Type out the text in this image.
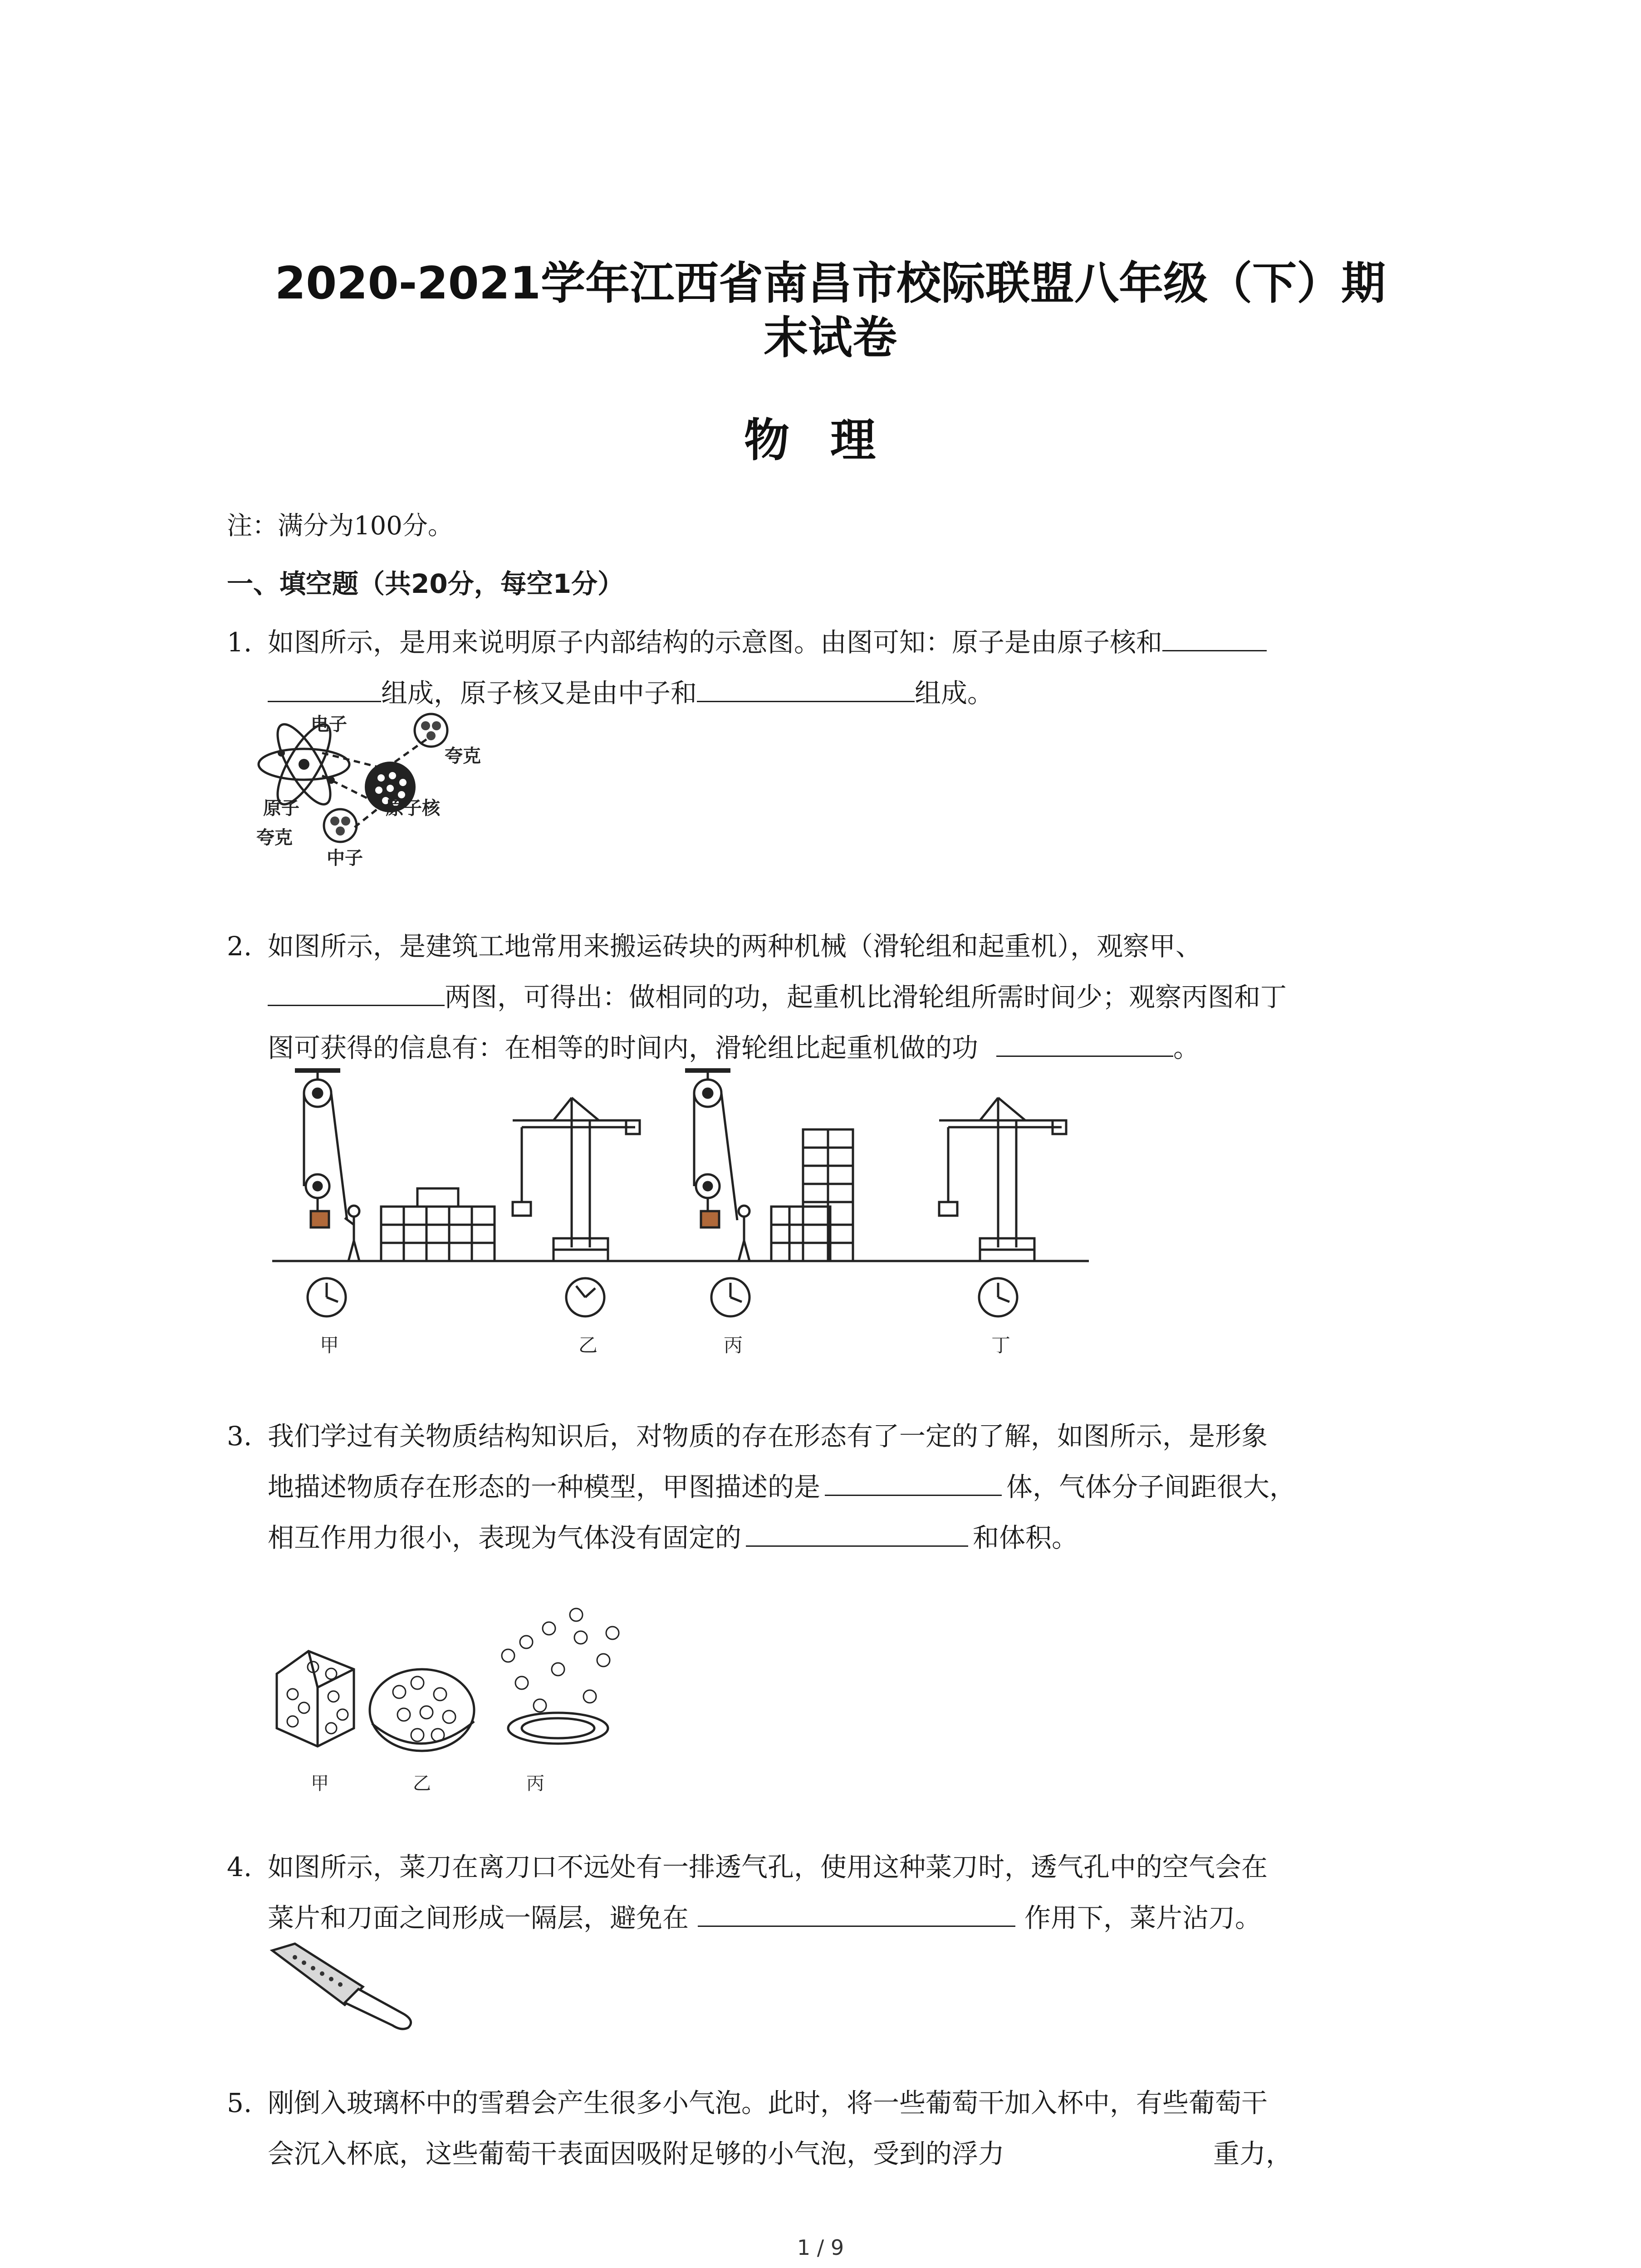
2020-2021学年江西省南昌市校际联盟八年级（下）期
末试卷
物理
注：满分为100分。
一、填空题（共20分，每空1分）
1. 如图所示，是用来说明原子内部结构的示意图。由图可知：原子是由原子核和
组成，原子核又是由中子和	组成。
电子
夸克
原子	原子核
夸克
中子
2. 如图所示，是建筑工地常用来搬运砖块的两种机械（滑轮组和起重机），观察甲、
两图，可得出：做相同的功，起重机比滑轮组所需时间少；观察丙图和丁
图可获得的信息有：在相等的时间内，滑轮组比起重机做的功	。
甲	乙	丙	丁
3. 我们学过有关物质结构知识后，对物质的存在形态有了一定的了解，如图所示，是形象
地描述物质存在形态的一种模型，甲图描述的是	体，气体分子间距很大，
相互作用力很小，表现为气体没有固定的	和体积。
甲	乙	丙
4. 如图所示，菜刀在离刀口不远处有一排透气孔，使用这种菜刀时，透气孔中的空气会在
菜片和刀面之间形成一隔层，避免在	作用下，菜片沾刀。
5. 刚倒入玻璃杯中的雪碧会产生很多小气泡。此时，将一些葡萄干加入杯中，有些葡萄干
会沉入杯底，这些葡萄干表面因吸附足够的小气泡，受到的浮力	重力，
1 / 9
